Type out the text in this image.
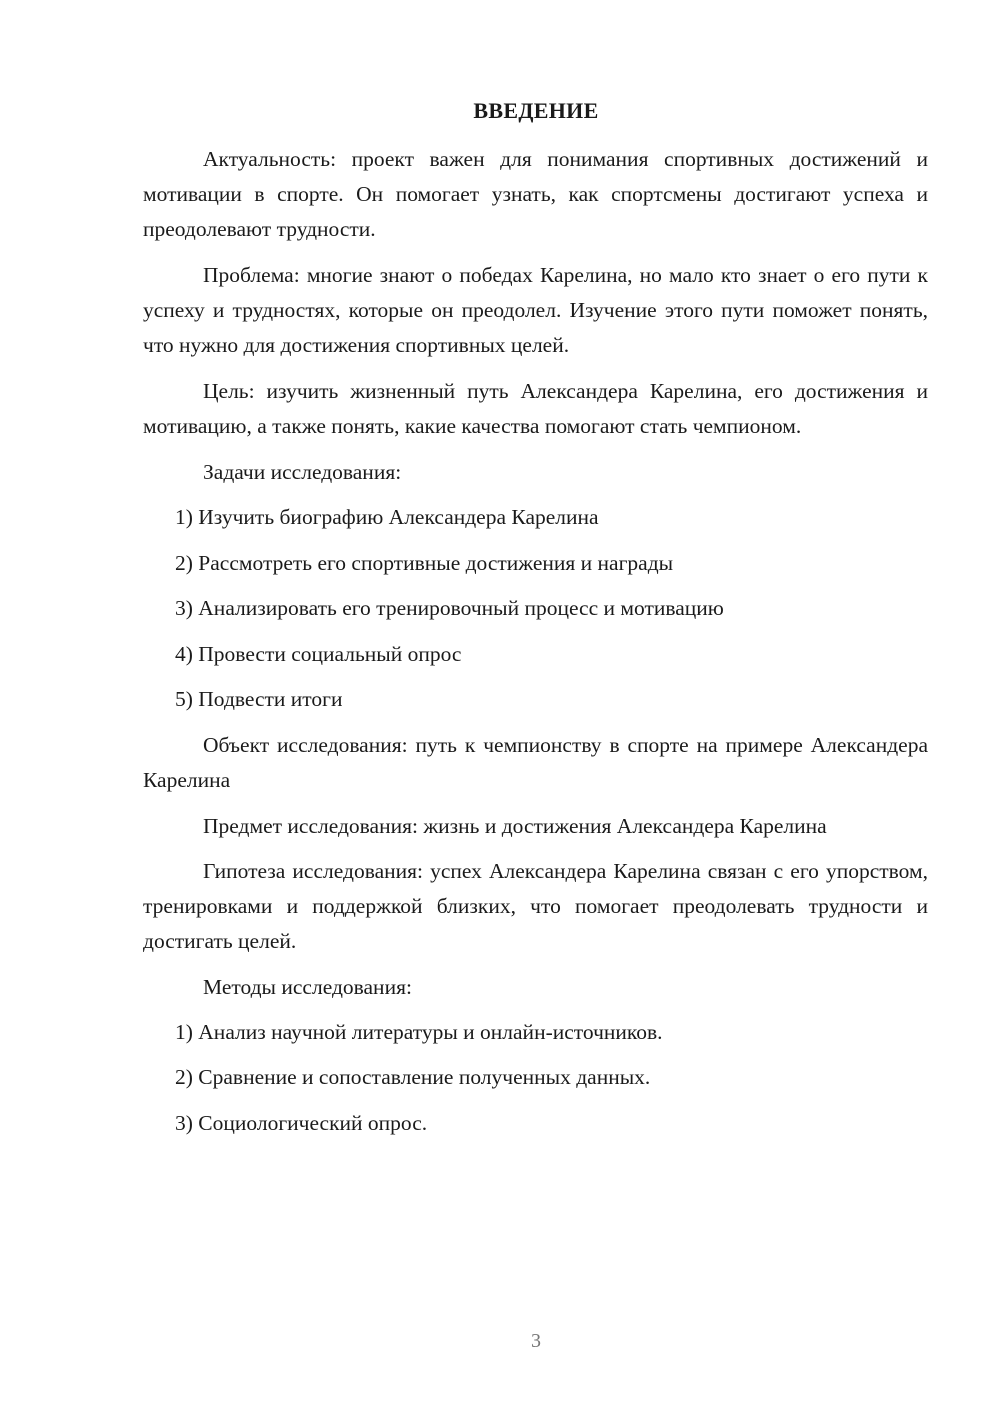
ВВЕДЕНИЕ

Актуальность: проект важен для понимания спортивных достижений и мотивации в спорте. Он помогает узнать, как спортсмены достигают успеха и преодолевают трудности.

Проблема: многие знают о победах Карелина, но мало кто знает о его пути к успеху и трудностях, которые он преодолел. Изучение этого пути поможет понять, что нужно для достижения спортивных целей.

Цель: изучить жизненный путь Александера Карелина, его достижения и мотивацию, а также понять, какие качества помогают стать чемпионом.

Задачи исследования:

1) Изучить биографию Александера Карелина
2) Рассмотреть его спортивные достижения и награды
3) Анализировать его тренировочный процесс и мотивацию
4) Провести социальный опрос
5) Подвести итоги

Объект исследования: путь к чемпионству в спорте на примере Александера Карелина

Предмет исследования: жизнь и достижения Александера Карелина

Гипотеза исследования: успех Александера Карелина связан с его упорством, тренировками и поддержкой близких, что помогает преодолевать трудности и достигать целей.

Методы исследования:

1) Анализ научной литературы и онлайн-источников.
2) Сравнение и сопоставление полученных данных.
3) Социологический опрос.
3
